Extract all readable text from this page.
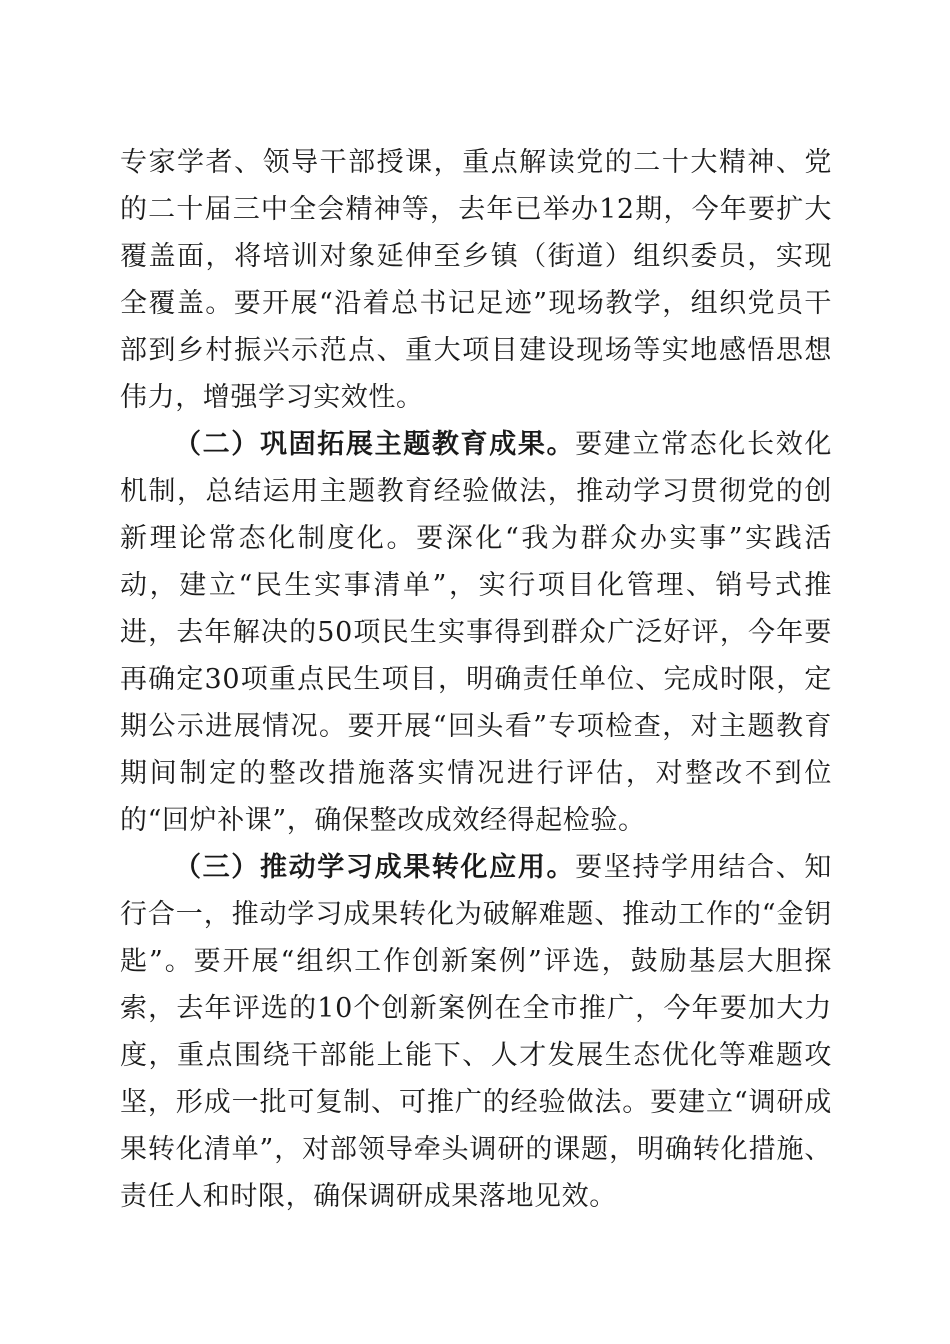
专家学者、领导干部授课，重点解读党的二十大精神、党的二十届三中全会精神等，去年已举办12期，今年要扩大覆盖面，将培训对象延伸至乡镇（街道）组织委员，实现全覆盖。要开展“沿着总书记足迹”现场教学，组织党员干部到乡村振兴示范点、重大项目建设现场等实地感悟思想伟力，增强学习实效性。

（二）巩固拓展主题教育成果。要建立常态化长效化机制，总结运用主题教育经验做法，推动学习贯彻党的创新理论常态化制度化。要深化“我为群众办实事”实践活动，建立“民生实事清单”，实行项目化管理、销号式推进，去年解决的50项民生实事得到群众广泛好评，今年要再确定30项重点民生项目，明确责任单位、完成时限，定期公示进展情况。要开展“回头看”专项检查，对主题教育期间制定的整改措施落实情况进行评估，对整改不到位的“回炉补课”，确保整改成效经得起检验。

（三）推动学习成果转化应用。要坚持学用结合、知行合一，推动学习成果转化为破解难题、推动工作的“金钥匙”。要开展“组织工作创新案例”评选，鼓励基层大胆探索，去年评选的10个创新案例在全市推广，今年要加大力度，重点围绕干部能上能下、人才发展生态优化等难题攻坚，形成一批可复制、可推广的经验做法。要建立“调研成果转化清单”，对部领导牵头调研的课题，明确转化措施、责任人和时限，确保调研成果落地见效。
